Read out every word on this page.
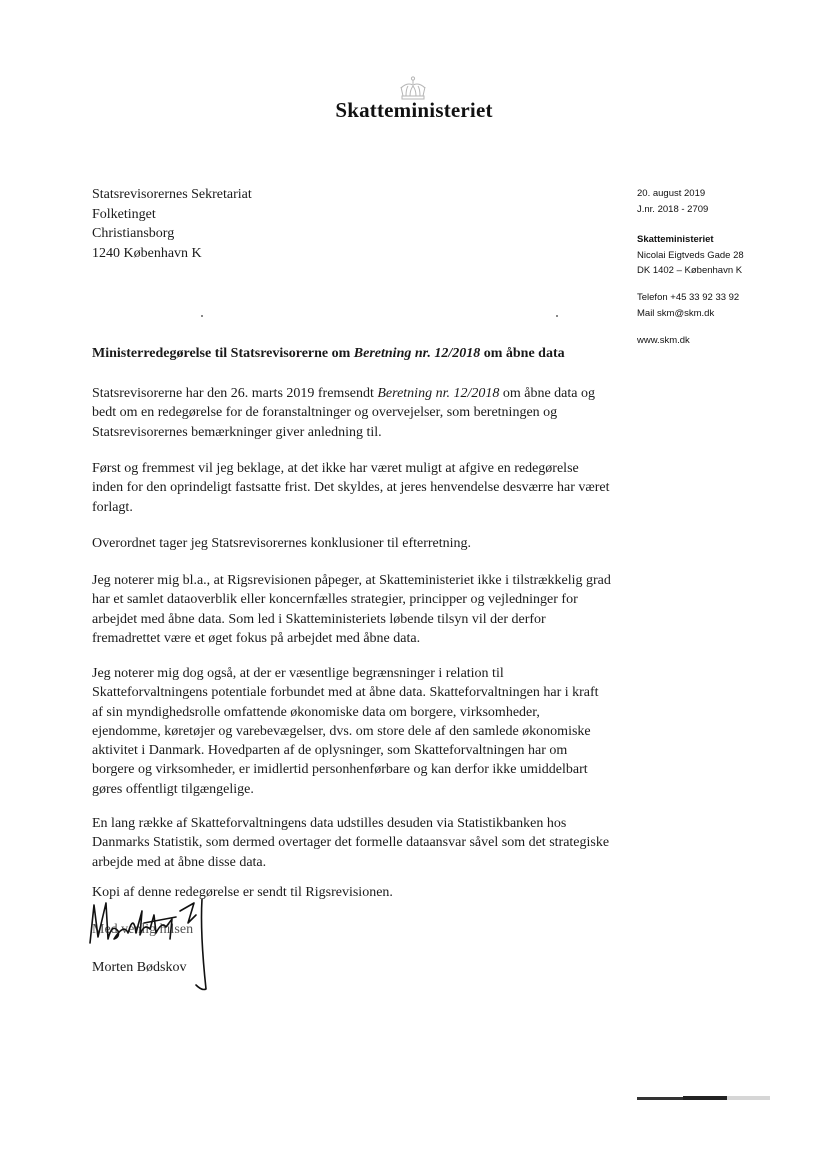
Skatteministeriet
Statsrevisorernes Sekretariat
Folketinget
Christiansborg
1240 København K
20. august 2019
J.nr. 2018 - 2709
Skatteministeriet
Nicolai Eigtveds Gade 28
DK 1402 – København K
Telefon +45 33 92 33 92
Mail skm@skm.dk
www.skm.dk
Ministerredegørelse til Statsrevisorerne om Beretning nr. 12/2018 om åbne data

Statsrevisorerne har den 26. marts 2019 fremsendt Beretning nr. 12/2018 om åbne data og bedt om en redegørelse for de foranstaltninger og overvejelser, som beretningen og Statsrevisorernes bemærkninger giver anledning til.

Først og fremmest vil jeg beklage, at det ikke har været muligt at afgive en redegørelse inden for den oprindeligt fastsatte frist. Det skyldes, at jeres henvendelse desværre har været forlagt.

Overordnet tager jeg Statsrevisorernes konklusioner til efterretning.

Jeg noterer mig bl.a., at Rigsrevisionen påpeger, at Skatteministeriet ikke i tilstrækkelig grad har et samlet dataoverblik eller koncernfælles strategier, principper og vejledninger for arbejdet med åbne data. Som led i Skatteministeriets løbende tilsyn vil der derfor fremadrettet være et øget fokus på arbejdet med åbne data.

Jeg noterer mig dog også, at der er væsentlige begrænsninger i relation til Skatteforvaltningens potentiale forbundet med at åbne data. Skatteforvaltningen har i kraft af sin myndighedsrolle omfattende økonomiske data om borgere, virksomheder, ejendomme, køretøjer og varebevægelser, dvs. om store dele af den samlede økonomiske aktivitet i Danmark. Hovedparten af de oplysninger, som Skatteforvaltningen har om borgere og virksomheder, er imidlertid personhenførbare og kan derfor ikke umiddelbart gøres offentligt tilgængelige.

En lang række af Skatteforvaltningens data udstilles desuden via Statistikbanken hos Danmarks Statistik, som dermed overtager det formelle dataansvar såvel som det strategiske arbejde med at åbne disse data.

Kopi af denne redegørelse er sendt til Rigsrevisionen.

Med venlig hilsen

Morten Bødskov
